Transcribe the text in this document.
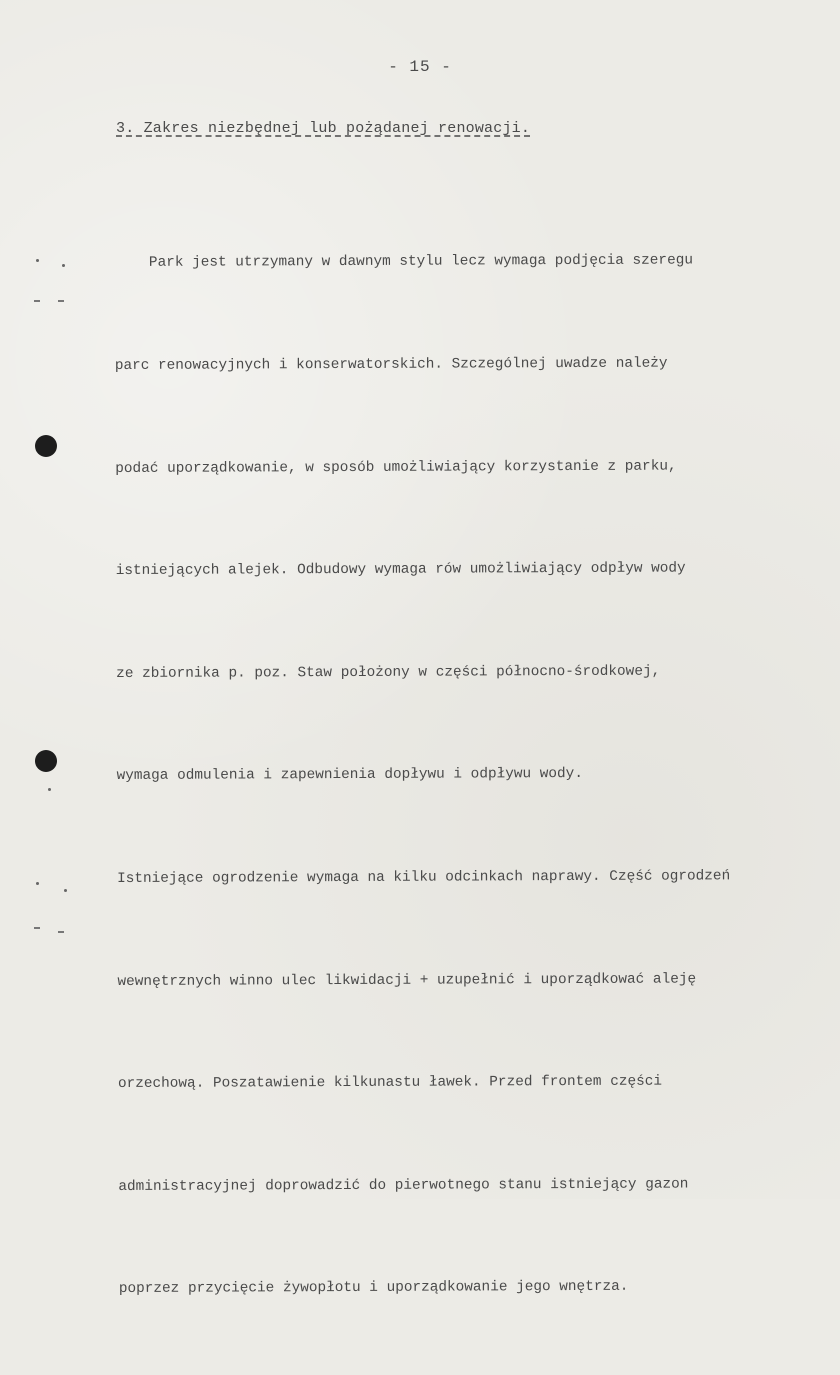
- 15 -
3. Zakres niezbędnej lub pożądanej renowacji.

Park jest utrzymany w dawnym stylu lecz wymaga podjęcia szeregu

parc renowacyjnych i konserwatorskich. Szczególnej uwadze należy

podać uporządkowanie, w sposób umożliwiający korzystanie z parku,

istniejących alejek. Odbudowy wymaga rów umożliwiający odpływ wody

ze zbiornika p. poz. Staw położony w części północno-środkowej,

wymaga odmulenia i zapewnienia dopływu i odpływu wody.

Istniejące ogrodzenie wymaga na kilku odcinkach naprawy. Część ogrodzeń

wewnętrznych winno ulec likwidacji + uzupełnić i uporządkować aleję

orzechową. Poszatawienie kilkunastu ławek. Przed frontem części

administracyjnej doprowadzić do pierwotnego stanu istniejący gazon

poprzez przycięcie żywopłotu i uporządkowanie jego wnętrza.
